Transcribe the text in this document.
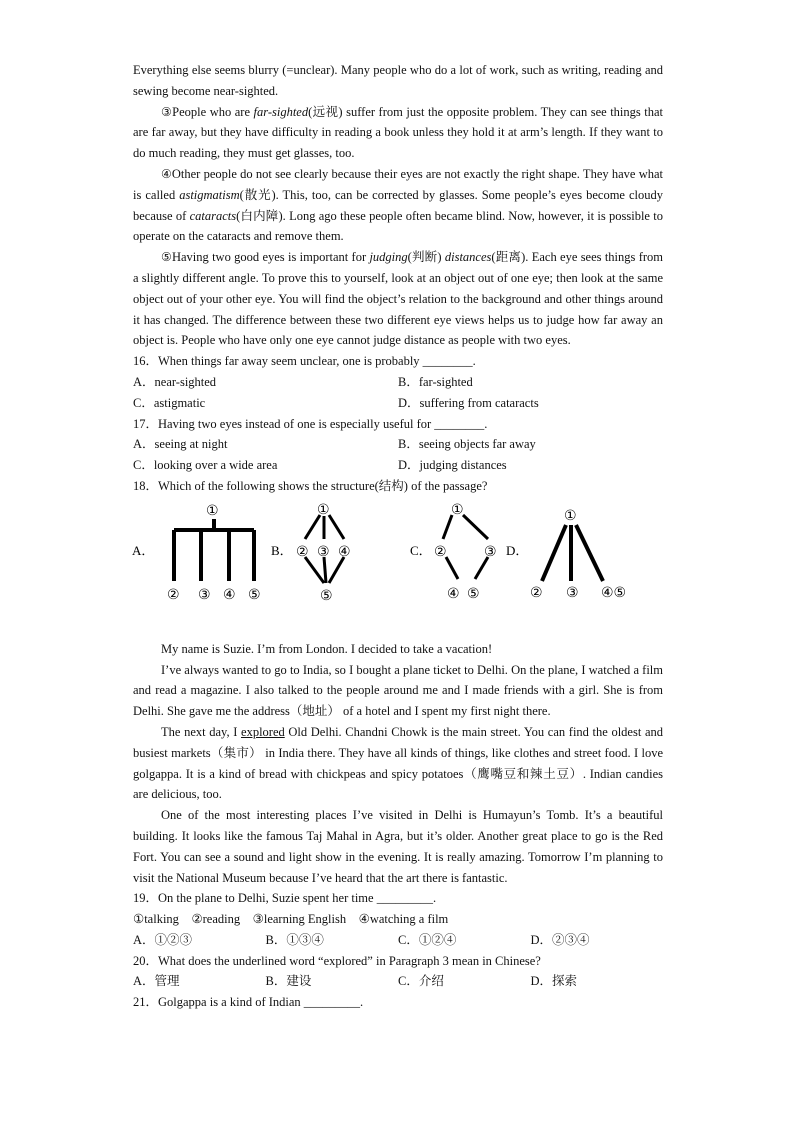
Everything else seems blurry (=unclear). Many people who do a lot of work, such as writing, reading and sewing become near-sighted.

③People who are far-sighted(远视) suffer from just the opposite problem. They can see things that are far away, but they have difficulty in reading a book unless they hold it at arm’s length. If they want to do much reading, they must get glasses, too.

④Other people do not see clearly because their eyes are not exactly the right shape. They have what is called astigmatism(散光). This, too, can be corrected by glasses. Some people’s eyes become cloudy because of cataracts(白内障). Long ago these people often became blind. Now, however, it is possible to operate on the cataracts and remove them.

⑤Having two good eyes is important for judging(判断) distances(距离). Each eye sees things from a slightly different angle. To prove this to yourself, look at an object out of one eye; then look at the same object out of your other eye. You will find the object’s relation to the background and other things around it has changed. The difference between these two different eye views helps us to judge how far away an object is. People who have only one eye cannot judge distance as people with two eyes.

16．When things far away seem unclear, one is probably ________.

A．near-sighted	B．far-sighted
C．astigmatic	D．suffering from cataracts

17．Having two eyes instead of one is especially useful for ________.

A．seeing at night	B．seeing objects far away
C．looking over a wide area	D．judging distances

18．Which of the following shows the structure(结构) of the passage?

A．	B．	C．	D．
①
② ③ ④ ⑤
①
② ③ ④
⑤
①
②	③
④ ⑤
①
② ③ ④⑤

My name is Suzie. I’m from London. I decided to take a vacation!

I’ve always wanted to go to India, so I bought a plane ticket to Delhi. On the plane, I watched a film and read a magazine. I also talked to the people around me and I made friends with a girl. She is from Delhi. She gave me the address（地址） of a hotel and I spent my first night there.

The next day, I explored Old Delhi. Chandni Chowk is the main street. You can find the oldest and busiest markets（集市） in India there. They have all kinds of things, like clothes and street food. I love golgappa. It is a kind of bread with chickpeas and spicy potatoes（鹰嘴豆和辣土豆）. Indian candies are delicious, too.

One of the most interesting places I’ve visited in Delhi is Humayun’s Tomb. It’s a beautiful building. It looks like the famous Taj Mahal in Agra, but it’s older. Another great place to go is the Red Fort. You can see a sound and light show in the evening. It is really amazing. Tomorrow I’m planning to visit the National Museum because I’ve heard that the art there is fantastic.

19．On the plane to Delhi, Suzie spent her time _________.

①talking ②reading ③learning English ④watching a film
A．①②③	B．①③④	C．①②④	D．②③④

20．What does the underlined word “explored” in Paragraph 3 mean in Chinese?

A．管理	B．建设	C．介绍	D．探索

21．Golgappa is a kind of Indian _________.
